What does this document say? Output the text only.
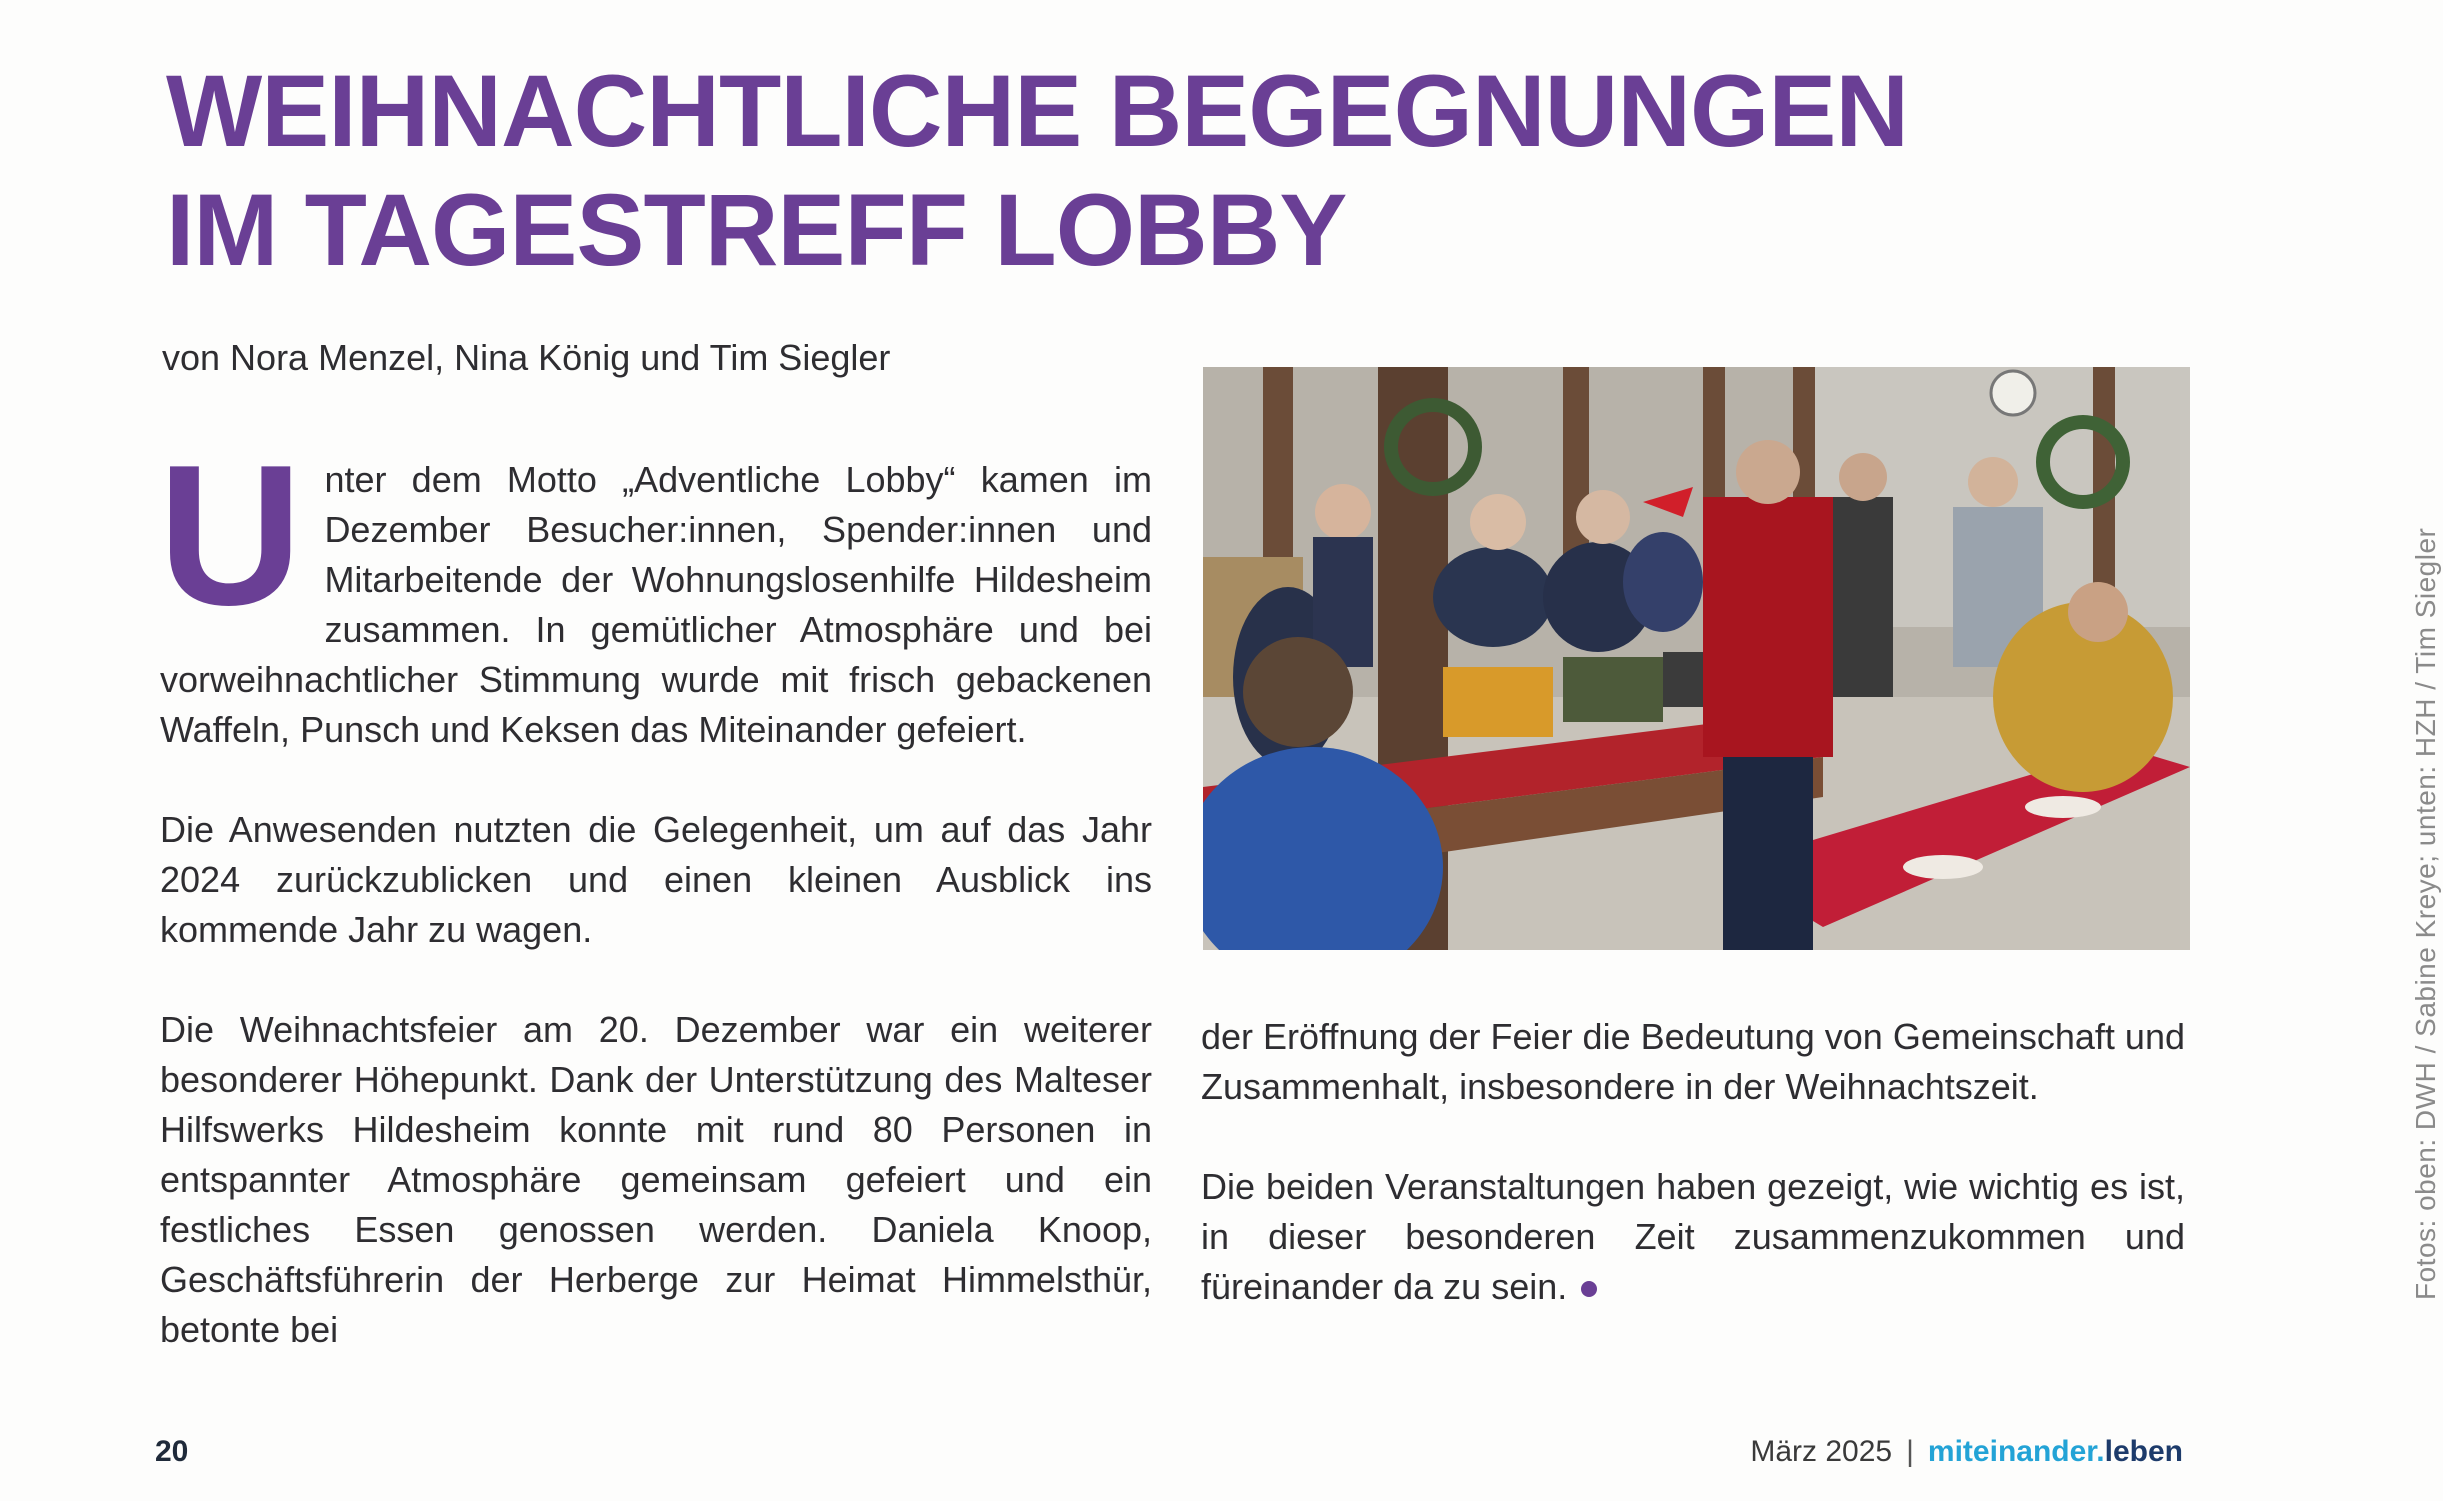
WEIHNACHTLICHE BEGEGNUNGEN
IM TAGESTREFF LOBBY
von Nora Menzel, Nina König und Tim Siegler

Unter dem Motto „Adventliche Lobby“ kamen im Dezember Besucher:innen, Spender:innen und Mitarbeitende der Wohnungslosenhilfe Hildesheim zusammen. In gemütlicher Atmosphäre und bei vorweihnachtlicher Stimmung wurde mit frisch gebackenen Waffeln, Punsch und Keksen das Miteinander gefeiert.

Die Anwesenden nutzten die Gelegenheit, um auf das Jahr 2024 zurückzublicken und einen kleinen Ausblick ins kommende Jahr zu wagen.

Die Weihnachtsfeier am 20. Dezember war ein weiterer besonderer Höhepunkt. Dank der Unterstützung des Malteser Hilfswerks Hildesheim konnte mit rund 80 Personen in entspannter Atmosphäre gemeinsam gefeiert und ein festliches Essen genossen werden. Daniela Knoop, Geschäftsführerin der Herberge zur Heimat Himmelsthür, betonte bei

der Eröffnung der Feier die Bedeutung von Gemeinschaft und Zusammenhalt, insbesondere in der Weihnachtszeit.

Die beiden Veranstaltungen haben gezeigt, wie wichtig es ist, in dieser besonderen Zeit zusammenzukommen und füreinander da zu sein.	Fotos: oben: DWH / Sabine Kreye; unten: HZH / Tim Siegler
20	März 2025 | miteinander.leben
